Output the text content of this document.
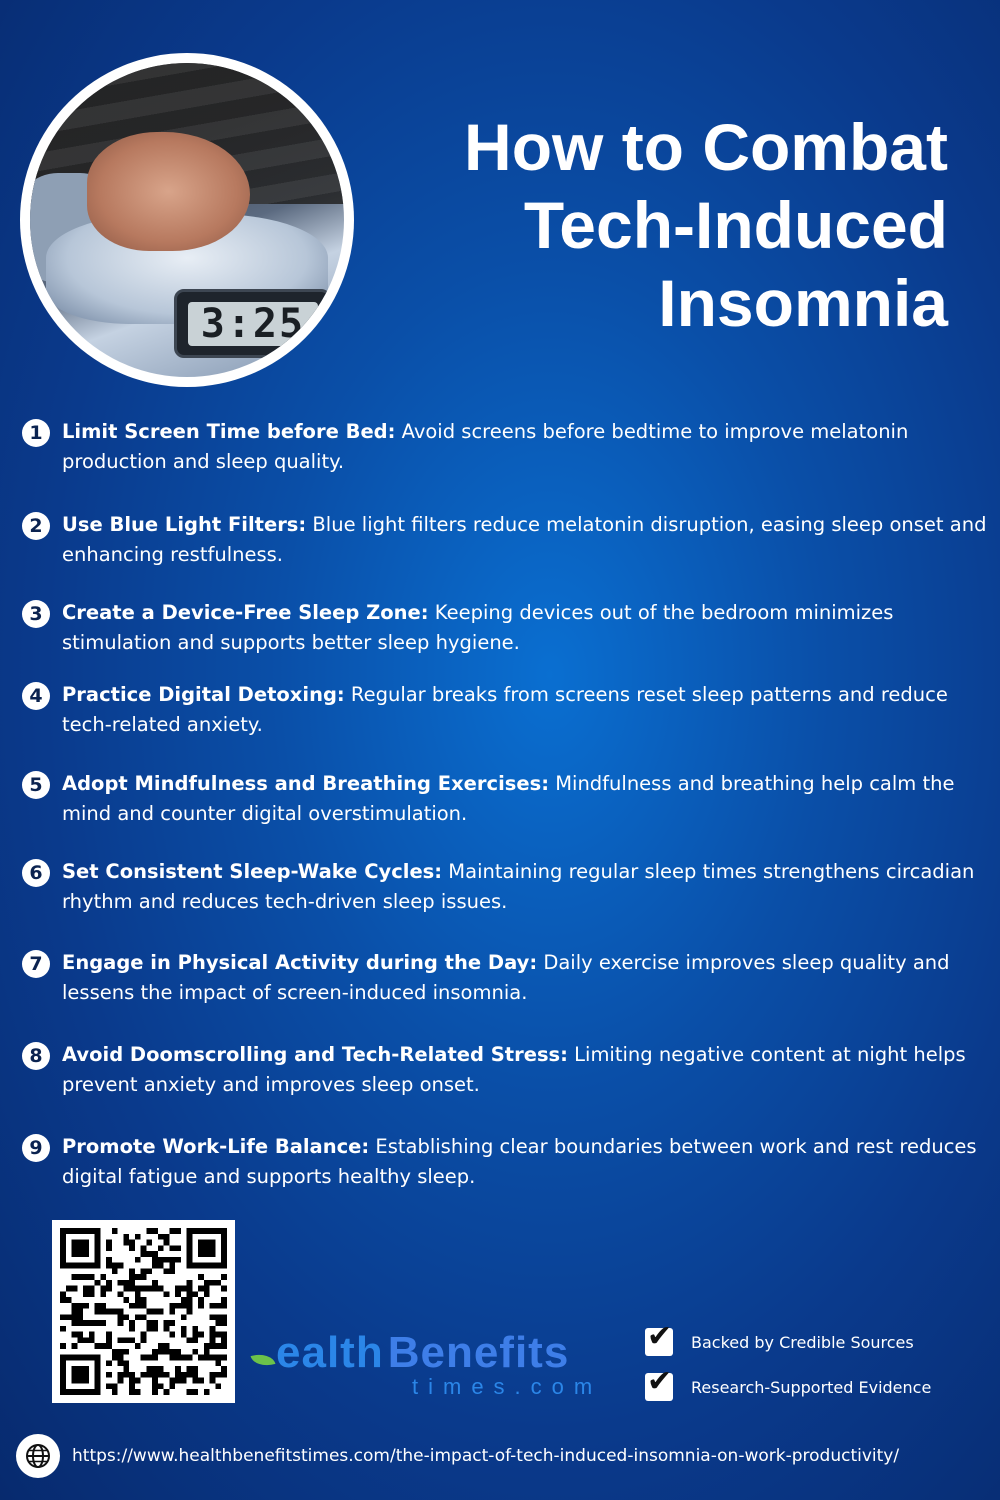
3:25
How to Combat
Tech-Induced
Insomnia
1 Limit Screen Time before Bed: Avoid screens before bedtime to improve melatonin production and sleep quality.
2 Use Blue Light Filters: Blue light filters reduce melatonin disruption, easing sleep onset and enhancing restfulness.
3 Create a Device-Free Sleep Zone: Keeping devices out of the bedroom minimizes stimulation and supports better sleep hygiene.
4 Practice Digital Detoxing: Regular breaks from screens reset sleep patterns and reduce tech-related anxiety.
5 Adopt Mindfulness and Breathing Exercises: Mindfulness and breathing help calm the mind and counter digital overstimulation.
6 Set Consistent Sleep-Wake Cycles: Maintaining regular sleep times strengthens circadian rhythm and reduces tech-driven sleep issues.
7 Engage in Physical Activity during the Day: Daily exercise improves sleep quality and lessens the impact of screen-induced insomnia.
8 Avoid Doomscrolling and Tech-Related Stress: Limiting negative content at night helps prevent anxiety and improves sleep onset.
9 Promote Work-Life Balance: Establishing clear boundaries between work and rest reduces digital fatigue and supports healthy sleep.
ealth Benefits
times.com
✔ Backed by Credible Sources
✔ Research-Supported Evidence
https://www.healthbenefitstimes.com/the-impact-of-tech-induced-insomnia-on-work-productivity/
